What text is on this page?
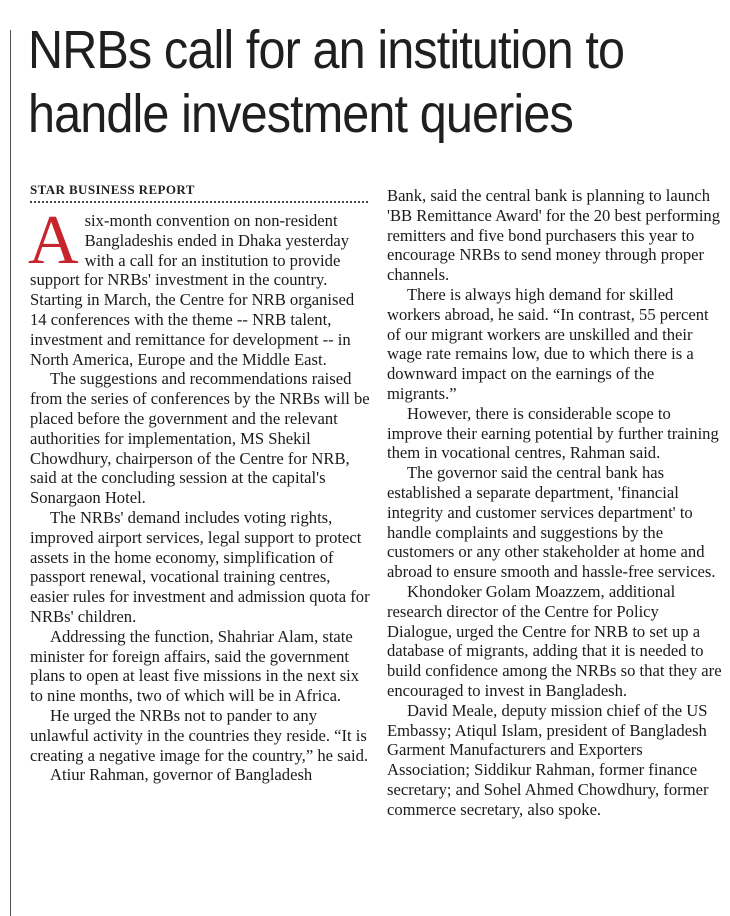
NRBs call for an institution to
handle investment queries
STAR BUSINESS REPORT

Asix-month convention on non-resident Bangladeshis ended in Dhaka yesterday with a call for an institution to provide support for NRBs' investment in the country. Starting in March, the Centre for NRB organised 14 conferences with the theme -- NRB talent, investment and remittance for development -- in North America, Europe and the Middle East.

The suggestions and recommendations raised from the series of conferences by the NRBs will be placed before the government and the relevant authorities for implementation, MS Shekil Chowdhury, chairperson of the Centre for NRB, said at the concluding session at the capital's Sonargaon Hotel.

The NRBs' demand includes voting rights, improved airport services, legal support to protect assets in the home economy, simplification of passport renewal, vocational training centres, easier rules for investment and admission quota for NRBs' children.

Addressing the function, Shahriar Alam, state minister for foreign affairs, said the government plans to open at least five missions in the next six to nine months, two of which will be in Africa.

He urged the NRBs not to pander to any unlawful activity in the countries they reside. “It is creating a negative image for the country,” he said.

Atiur Rahman, governor of Bangladesh

Bank, said the central bank is planning to launch 'BB Remittance Award' for the 20 best performing remitters and five bond purchasers this year to encourage NRBs to send money through proper channels.

There is always high demand for skilled workers abroad, he said. “In contrast, 55 percent of our migrant workers are unskilled and their wage rate remains low, due to which there is a downward impact on the earnings of the migrants.”

However, there is considerable scope to improve their earning potential by further training them in vocational centres, Rahman said.

The governor said the central bank has established a separate department, 'financial integrity and customer services department' to handle complaints and suggestions by the customers or any other stakeholder at home and abroad to ensure smooth and hassle-free services.

Khondoker Golam Moazzem, additional research director of the Centre for Policy Dialogue, urged the Centre for NRB to set up a database of migrants, adding that it is needed to build confidence among the NRBs so that they are encouraged to invest in Bangladesh.

David Meale, deputy mission chief of the US Embassy; Atiqul Islam, president of Bangladesh Garment Manufacturers and Exporters Association; Siddikur Rahman, former finance secretary; and Sohel Ahmed Chowdhury, former commerce secretary, also spoke.
